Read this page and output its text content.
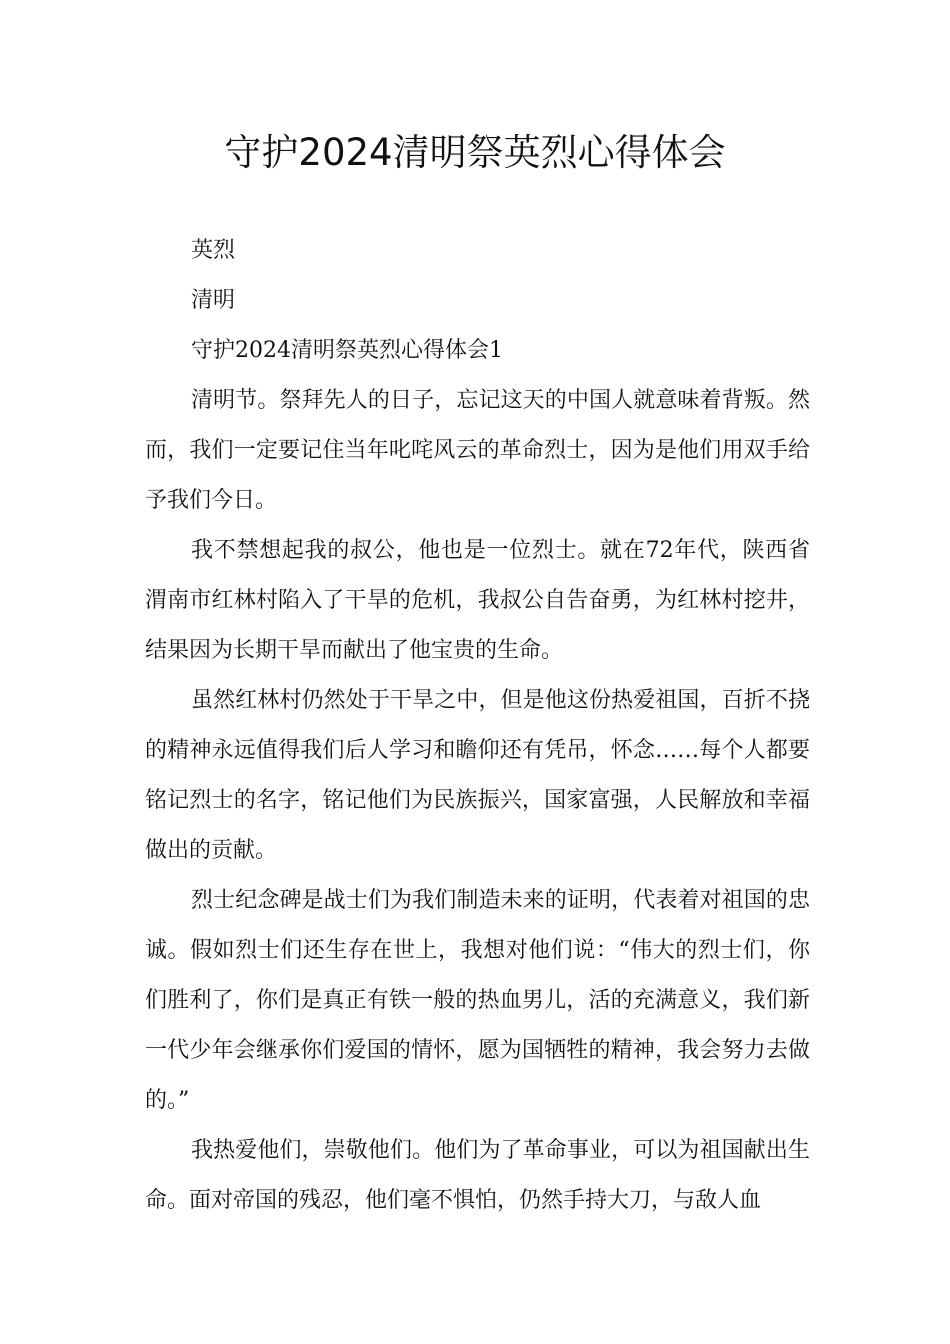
守护2024清明祭英烈心得体会

英烈

清明

守护2024清明祭英烈心得体会1

清明节。祭拜先人的日子，忘记这天的中国人就意味着背叛。然而，我们一定要记住当年叱咤风云的革命烈士，因为是他们用双手给予我们今日。

我不禁想起我的叔公，他也是一位烈士。就在72年代，陕西省渭南市红林村陷入了干旱的危机，我叔公自告奋勇，为红林村挖井，结果因为长期干旱而献出了他宝贵的生命。

虽然红林村仍然处于干旱之中，但是他这份热爱祖国，百折不挠的精神永远值得我们后人学习和瞻仰还有凭吊，怀念……每个人都要铭记烈士的名字，铭记他们为民族振兴，国家富强，人民解放和幸福做出的贡献。

烈士纪念碑是战士们为我们制造未来的证明，代表着对祖国的忠诚。假如烈士们还生存在世上，我想对他们说：“伟大的烈士们，你们胜利了，你们是真正有铁一般的热血男儿，活的充满意义，我们新一代少年会继承你们爱国的情怀，愿为国牺牲的精神，我会努力去做的。”

我热爱他们，崇敬他们。他们为了革命事业，可以为祖国献出生命。面对帝国的残忍，他们毫不惧怕，仍然手持大刀，与敌人血
